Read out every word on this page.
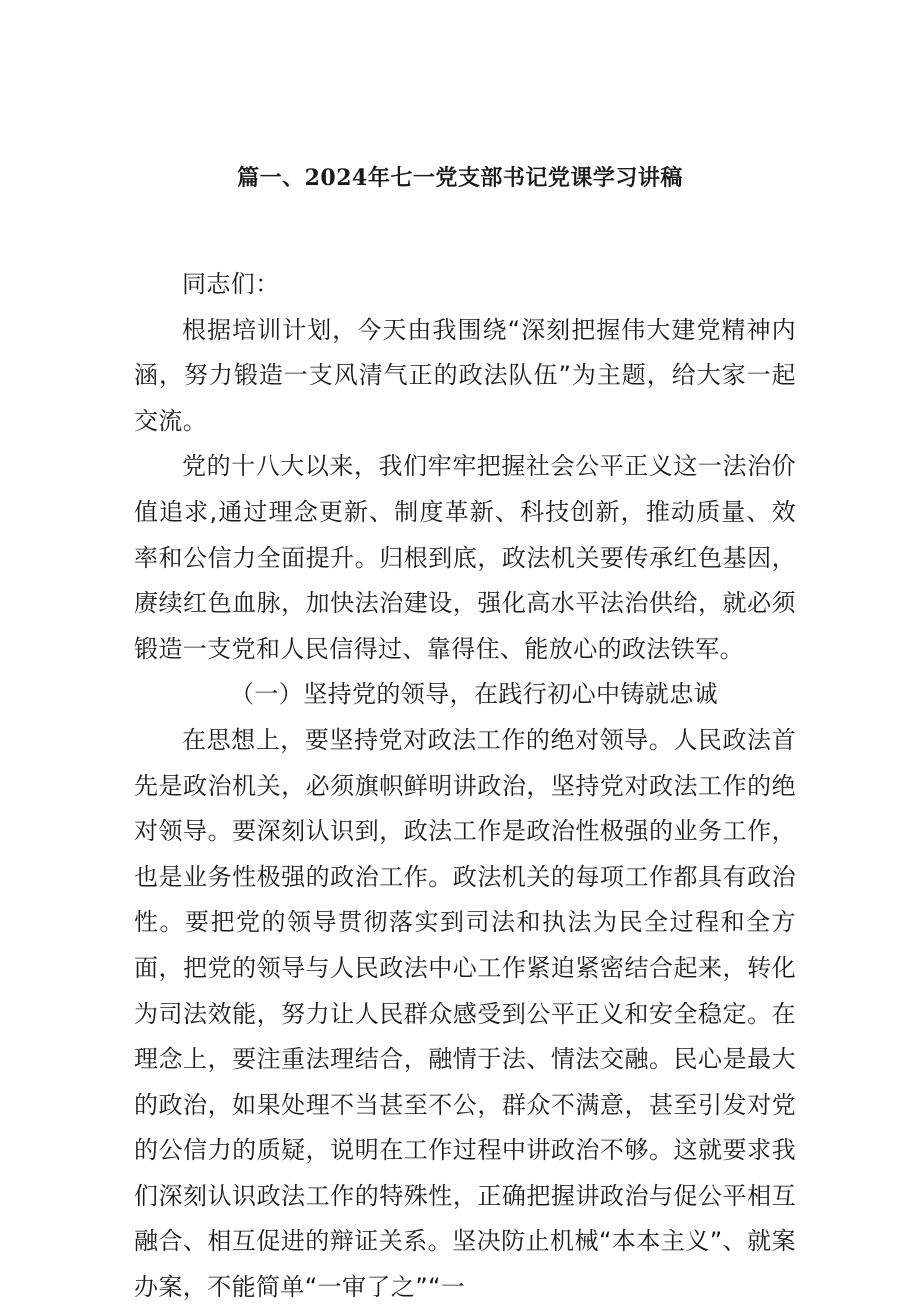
篇一、2024年七一党支部书记党课学习讲稿

同志们：

根据培训计划，今天由我围绕“深刻把握伟大建党精神内涵，努力锻造一支风清气正的政法队伍”为主题，给大家一起交流。

党的十八大以来，我们牢牢把握社会公平正义这一法治价值追求,通过理念更新、制度革新、科技创新，推动质量、效率和公信力全面提升。归根到底，政法机关要传承红色基因，赓续红色血脉，加快法治建设，强化高水平法治供给，就必须锻造一支党和人民信得过、靠得住、能放心的政法铁军。

（一）坚持党的领导，在践行初心中铸就忠诚

在思想上，要坚持党对政法工作的绝对领导。人民政法首先是政治机关，必须旗帜鲜明讲政治，坚持党对政法工作的绝对领导。要深刻认识到，政法工作是政治性极强的业务工作，也是业务性极强的政治工作。政法机关的每项工作都具有政治性。要把党的领导贯彻落实到司法和执法为民全过程和全方面，把党的领导与人民政法中心工作紧迫紧密结合起来，转化为司法效能，努力让人民群众感受到公平正义和安全稳定。在理念上，要注重法理结合，融情于法、情法交融。民心是最大的政治，如果处理不当甚至不公，群众不满意，甚至引发对党的公信力的质疑，说明在工作过程中讲政治不够。这就要求我们深刻认识政法工作的特殊性，正确把握讲政治与促公平相互融合、相互促进的辩证关系。坚决防止机械“本本主义”、就案办案，不能简单“一审了之”“一
